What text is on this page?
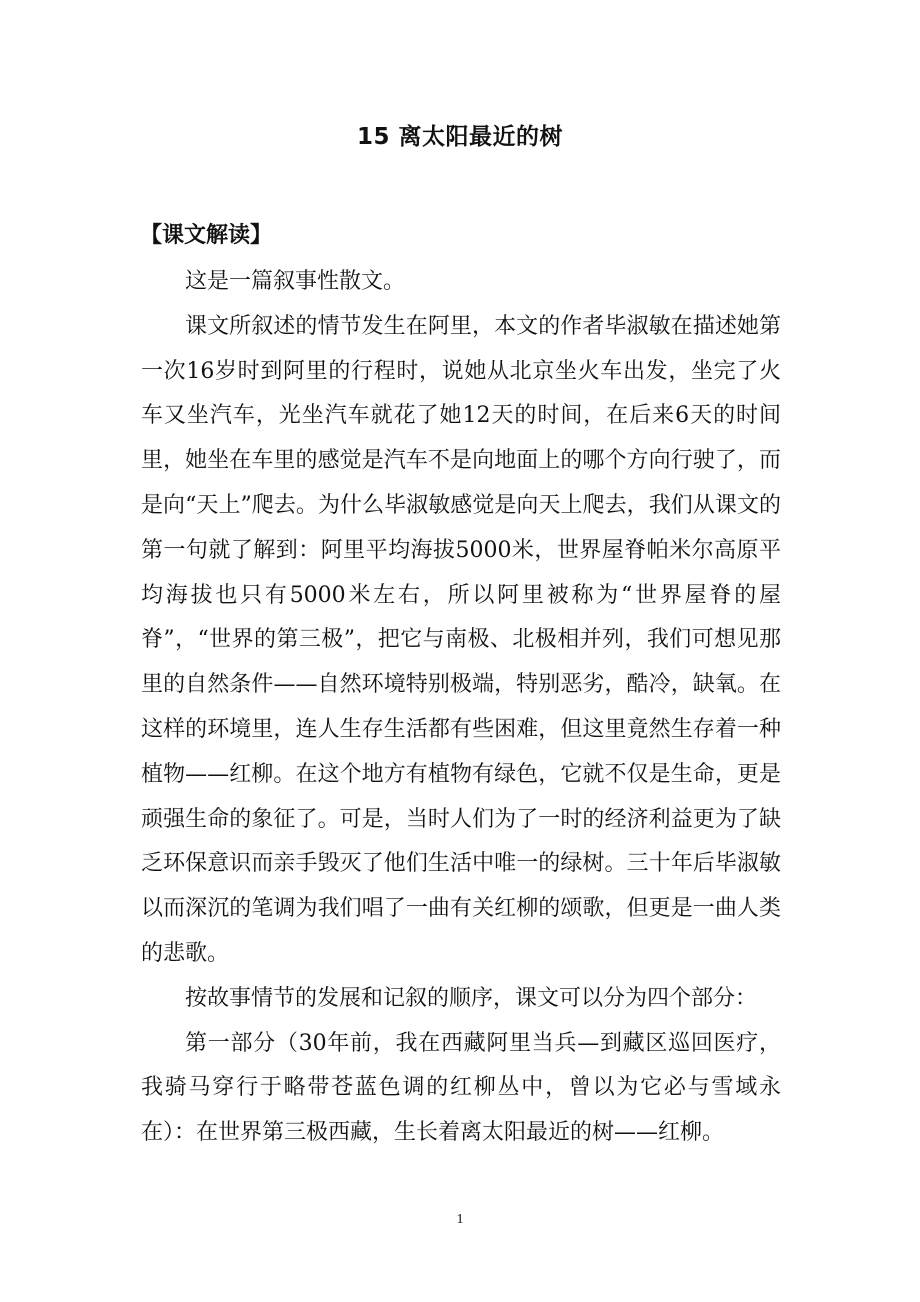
15 离太阳最近的树
【课文解读】

这是一篇叙事性散文。

课文所叙述的情节发生在阿里，本文的作者毕淑敏在描述她第一次16岁时到阿里的行程时，说她从北京坐火车出发，坐完了火车又坐汽车，光坐汽车就花了她12天的时间，在后来6天的时间里，她坐在车里的感觉是汽车不是向地面上的哪个方向行驶了，而是向“天上”爬去。为什么毕淑敏感觉是向天上爬去，我们从课文的第一句就了解到：阿里平均海拔5000米，世界屋脊帕米尔高原平均海拔也只有5000米左右，所以阿里被称为“世界屋脊的屋脊”，“世界的第三极”，把它与南极、北极相并列，我们可想见那里的自然条件——自然环境特别极端，特别恶劣，酷冷，缺氧。在这样的环境里，连人生存生活都有些困难，但这里竟然生存着一种植物——红柳。在这个地方有植物有绿色，它就不仅是生命，更是顽强生命的象征了。可是，当时人们为了一时的经济利益更为了缺乏环保意识而亲手毁灭了他们生活中唯一的绿树。三十年后毕淑敏以而深沉的笔调为我们唱了一曲有关红柳的颂歌，但更是一曲人类的悲歌。

按故事情节的发展和记叙的顺序，课文可以分为四个部分：

第一部分（30年前，我在西藏阿里当兵—到藏区巡回医疗，我骑马穿行于略带苍蓝色调的红柳丛中，曾以为它必与雪域永在）：在世界第三极西藏，生长着离太阳最近的树——红柳。

1
